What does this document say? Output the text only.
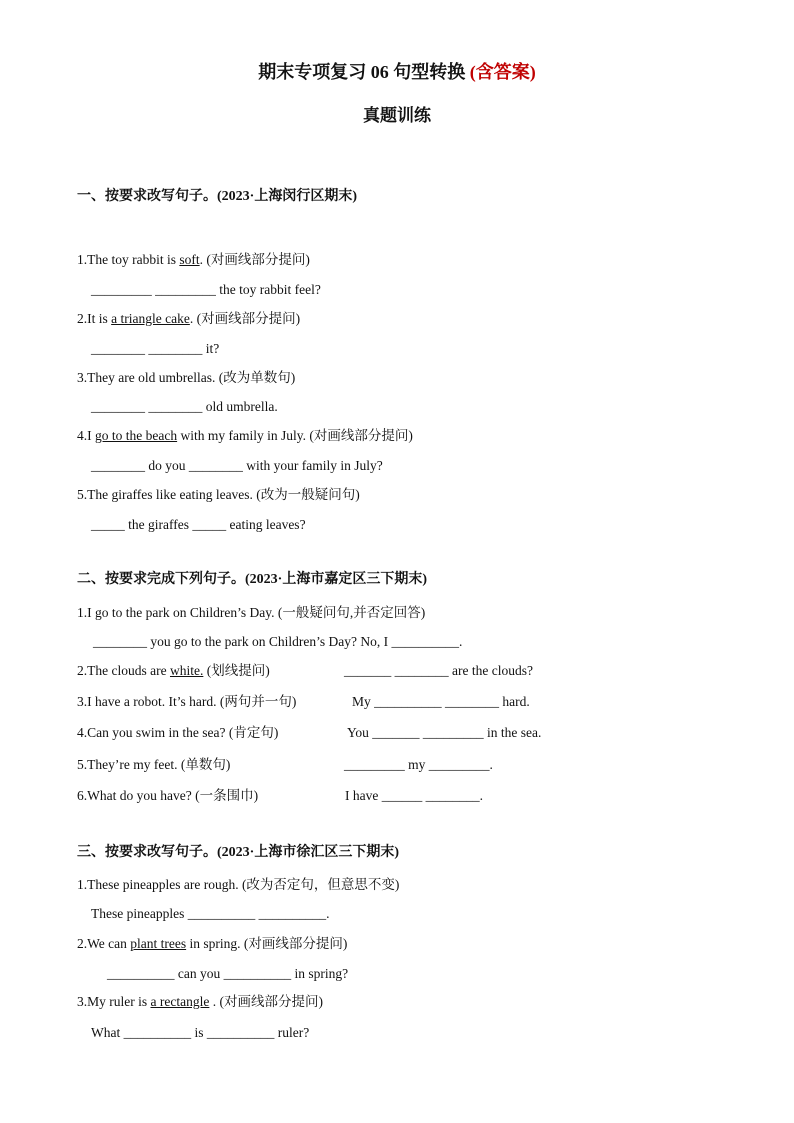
期末专项复习 06 句型转换 (含答案)
真题训练
一、按要求改写句子。(2023·上海闵行区期末)
1.The toy rabbit is soft. (对画线部分提问)
_________ _________ the toy rabbit feel?
2.It is a triangle cake. (对画线部分提问)
________ ________ it?
3.They are old umbrellas. (改为单数句)
________ ________ old umbrella.
4.I go to the beach with my family in July. (对画线部分提问)
________ do you ________ with your family in July?
5.The giraffes like eating leaves. (改为一般疑问句)
_____ the giraffes _____ eating leaves?
二、按要求完成下列句子。(2023·上海市嘉定区三下期末)
1.I go to the park on Children’s Day. (一般疑问句,并否定回答)
________ you go to the park on Children’s Day? No, I __________.
2.The clouds are white. (划线提问)	_______ ________ are the clouds?
3.I have a robot. It’s hard. (两句并一句)	My __________ ________ hard.
4.Can you swim in the sea? (肯定句)	You _______ _________ in the sea.
5.They’re my feet. (单数句)	_________ my _________.
6.What do you have? (一条围巾)	I have ______ ________.
三、按要求改写句子。(2023·上海市徐汇区三下期末)
1.These pineapples are rough. (改为否定句，但意思不变)
These pineapples __________ __________.
2.We can plant trees in spring. (对画线部分提问)
__________ can you __________ in spring?
3.My ruler is a rectangle . (对画线部分提问)
What __________ is __________ ruler?
